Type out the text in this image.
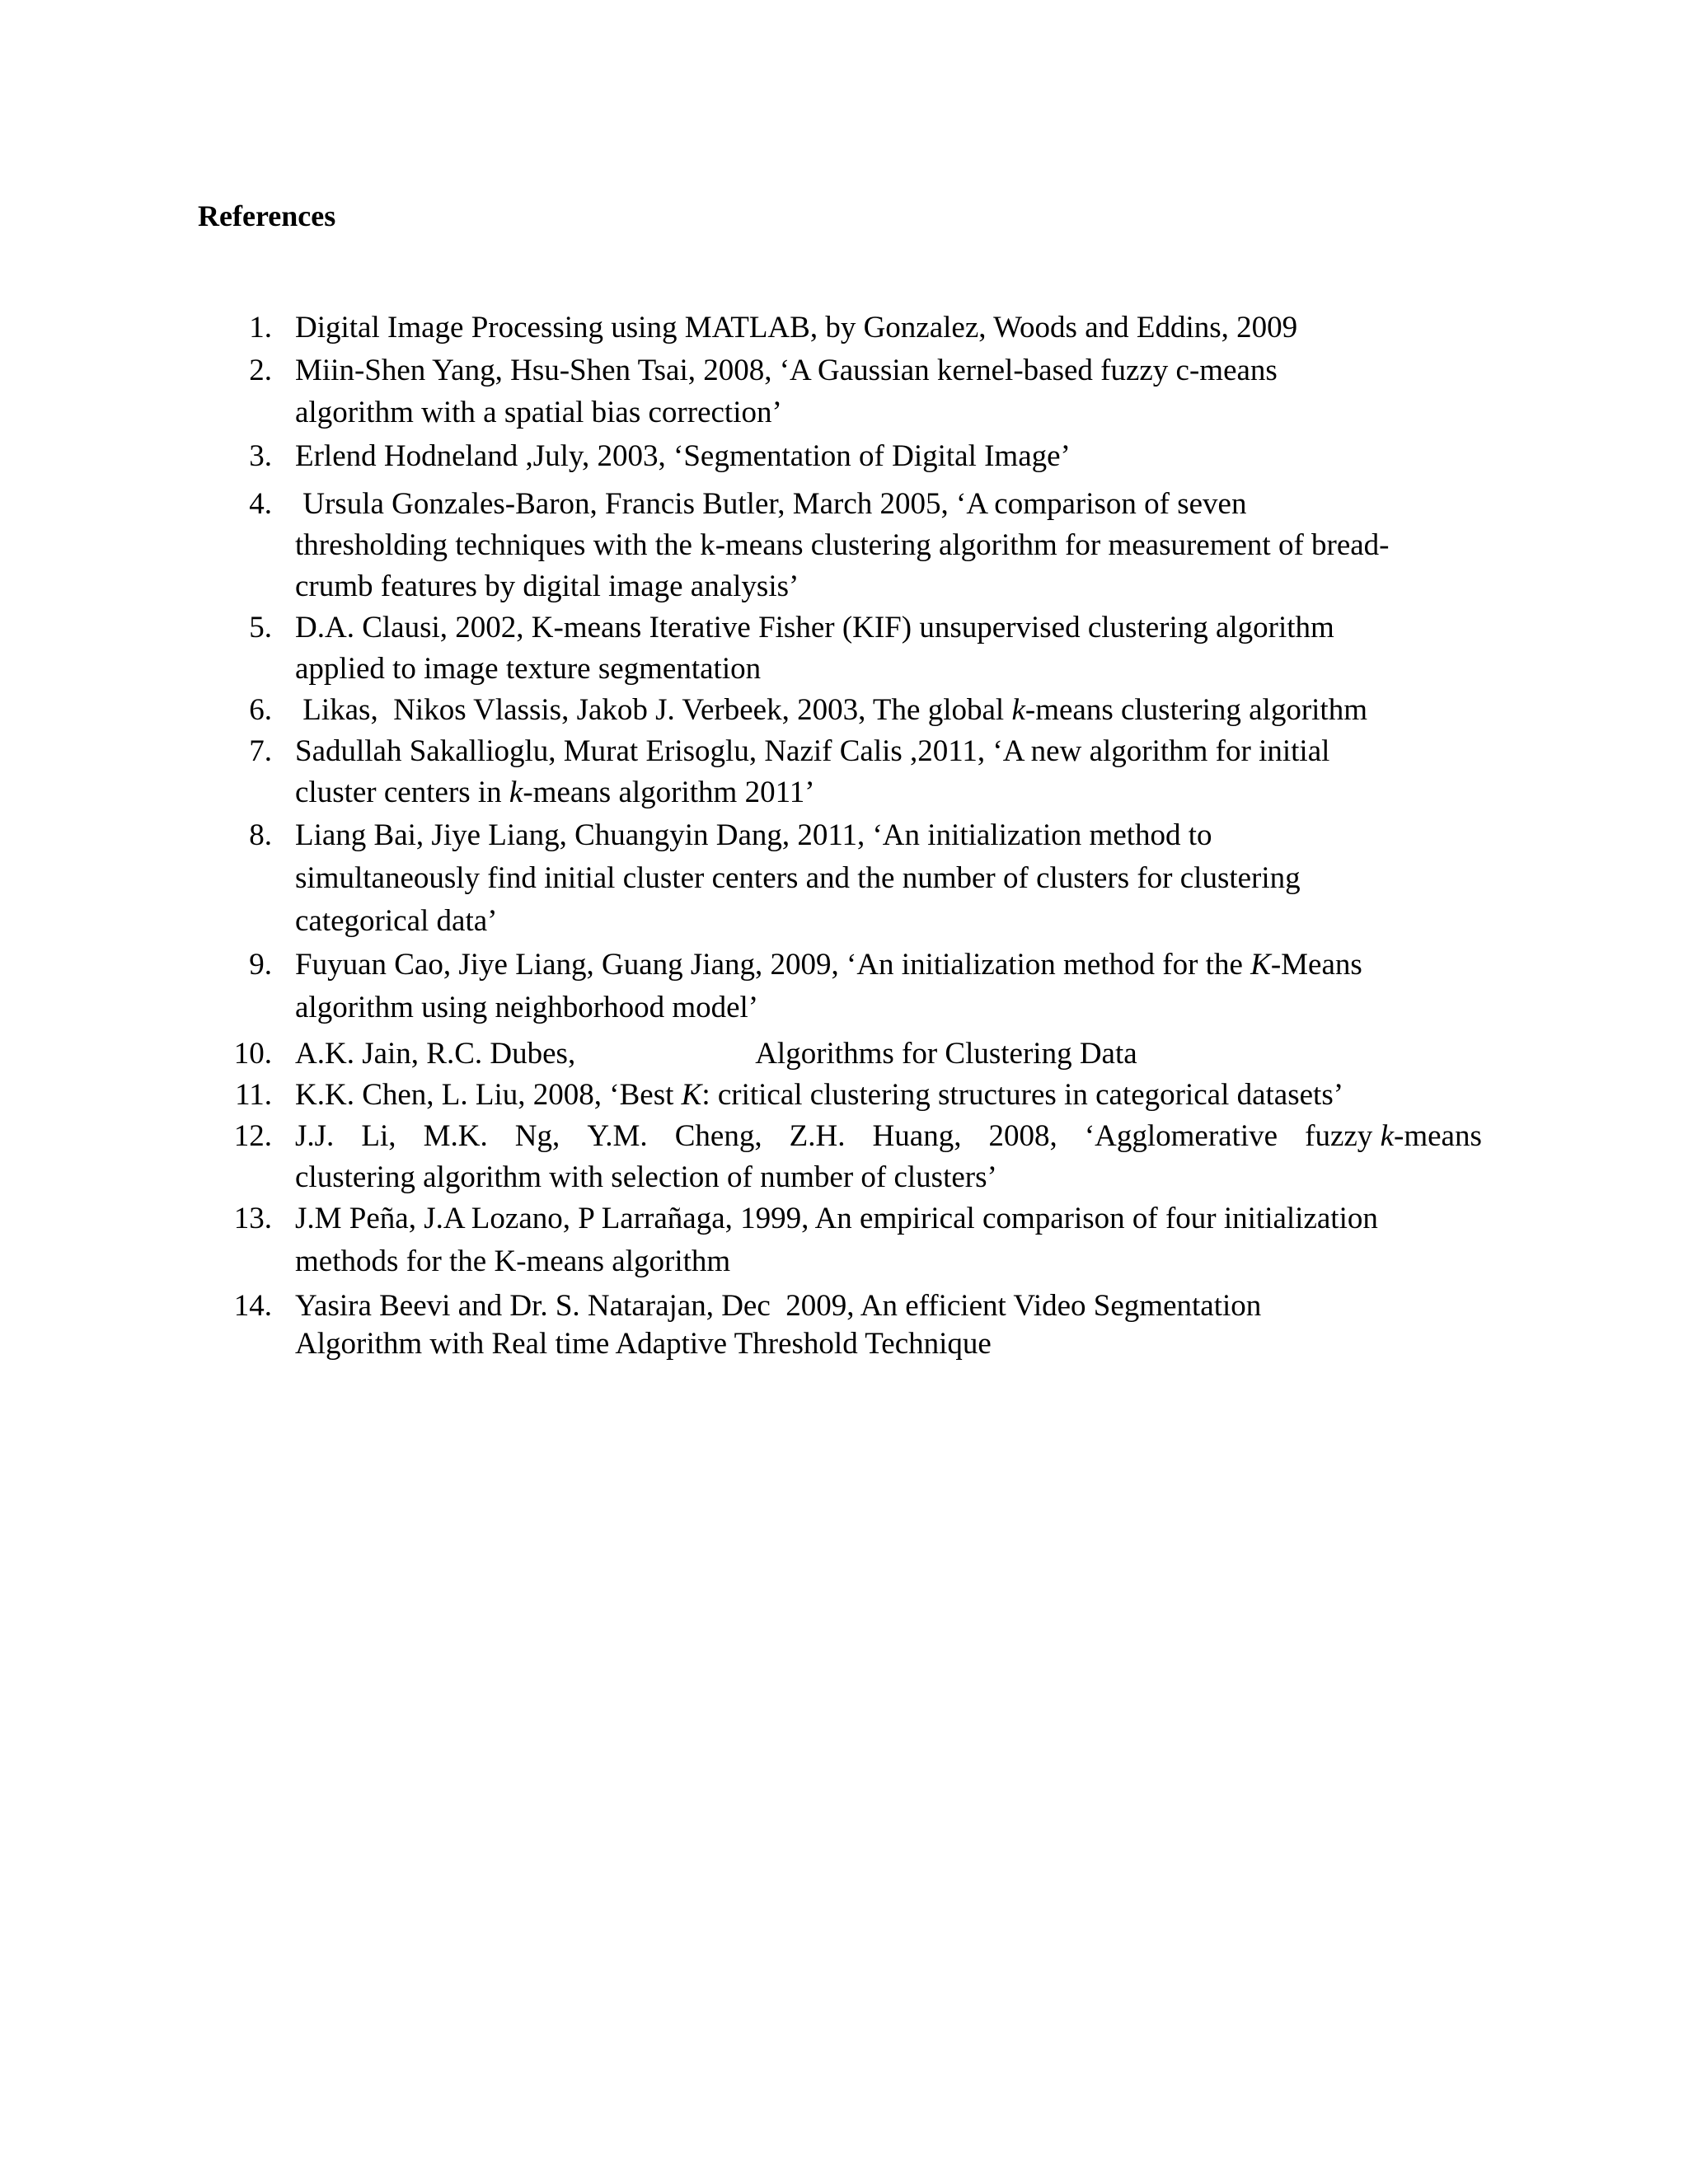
References
1. Digital Image Processing using MATLAB, by Gonzalez, Woods and Eddins, 2009
2. Miin-Shen Yang, Hsu-Shen Tsai, 2008, ‘A Gaussian kernel-based fuzzy c-means
algorithm with a spatial bias correction’
3. Erlend Hodneland ,July, 2003, ‘Segmentation of Digital Image’
4. Ursula Gonzales-Baron, Francis Butler, March 2005, ‘A comparison of seven
thresholding techniques with the k-means clustering algorithm for measurement of bread-
crumb features by digital image analysis’
5. D.A. Clausi, 2002, K-means Iterative Fisher (KIF) unsupervised clustering algorithm
applied to image texture segmentation
6. Likas,  Nikos Vlassis, Jakob J. Verbeek, 2003, The global k-means clustering algorithm
7. Sadullah Sakallioglu, Murat Erisoglu, Nazif Calis ,2011, ‘A new algorithm for initial
cluster centers in k-means algorithm 2011’
8. Liang Bai, Jiye Liang, Chuangyin Dang, 2011, ‘An initialization method to
simultaneously find initial cluster centers and the number of clusters for clustering
categorical data’
9. Fuyuan Cao, Jiye Liang, Guang Jiang, 2009, ‘An initialization method for the K-Means
algorithm using neighborhood model’
10. A.K. Jain, R.C. Dubes,	Algorithms for Clustering Data
11. K.K. Chen, L. Liu, 2008, ‘Best K: critical clustering structures in categorical datasets’
12. J.J. Li, M.K. Ng, Y.M. Cheng, Z.H. Huang, 2008, ‘Agglomerative fuzzy k-means
clustering algorithm with selection of number of clusters’
13. J.M Peña, J.A Lozano, P Larrañaga, 1999, An empirical comparison of four initialization
methods for the K-means algorithm
14. Yasira Beevi and Dr. S. Natarajan, Dec  2009, An efficient Video Segmentation
Algorithm with Real time Adaptive Threshold Technique
